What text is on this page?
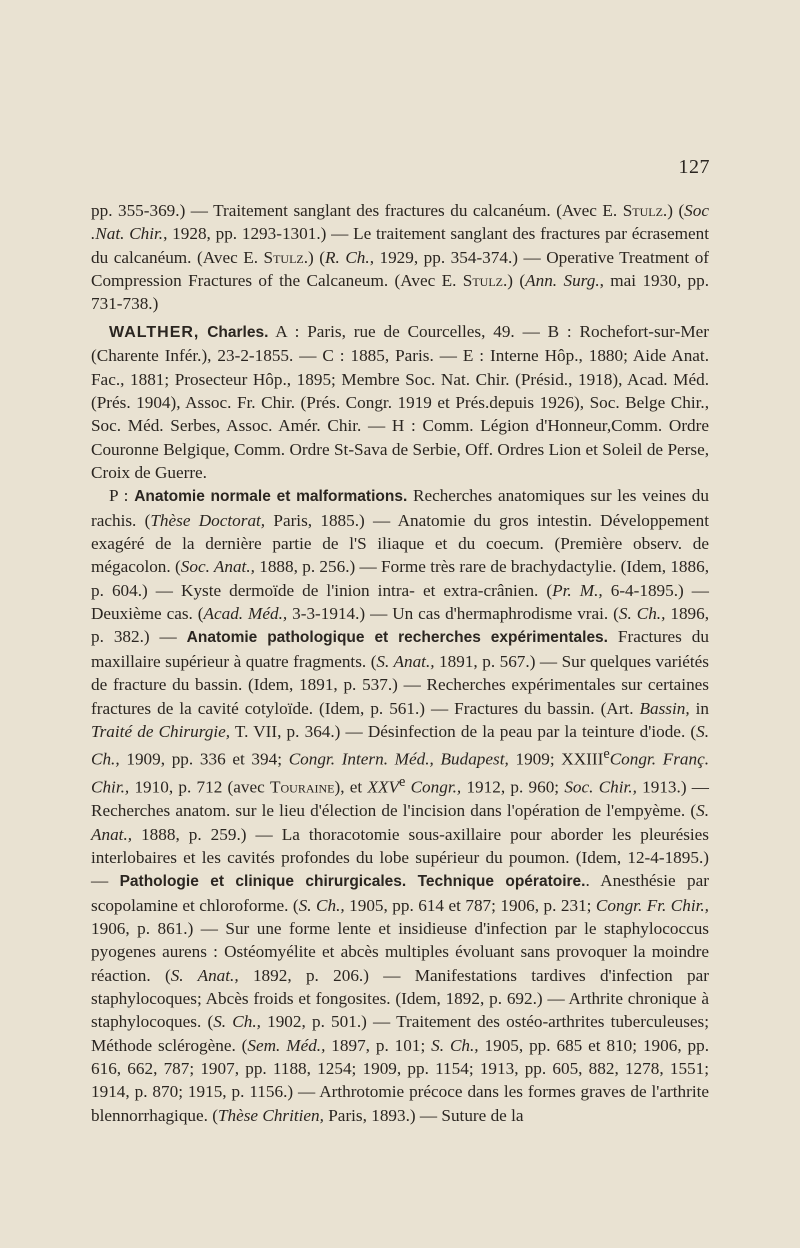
127

pp. 355-369.) — Traitement sanglant des fractures du calcanéum. (Avec E. Stulz.) (Soc .Nat. Chir., 1928, pp. 1293-1301.) — Le traitement sanglant des fractures par écrasement du calcanéum. (Avec E. Stulz.) (R. Ch., 1929, pp. 354-374.) — Operative Treatment of Compression Fractures of the Calcaneum. (Avec E. Stulz.) (Ann. Surg., mai 1930, pp. 731-738.)

WALTHER, Charles. A : Paris, rue de Courcelles, 49. — B : Rochefort-sur-Mer (Charente Infér.), 23-2-1855. — C : 1885, Paris. — E : Interne Hôp., 1880; Aide Anat. Fac., 1881; Prosecteur Hôp., 1895; Membre Soc. Nat. Chir. (Présid., 1918), Acad. Méd. (Prés. 1904), Assoc. Fr. Chir. (Prés. Congr. 1919 et Prés.depuis 1926), Soc. Belge Chir., Soc. Méd. Serbes, Assoc. Amér. Chir. — H : Comm. Légion d'Honneur,Comm. Ordre Couronne Belgique, Comm. Ordre St-Sava de Serbie, Off. Ordres Lion et Soleil de Perse, Croix de Guerre.

P : Anatomie normale et malformations. Recherches anatomiques sur les veines du rachis. (Thèse Doctorat, Paris, 1885.) — Anatomie du gros intestin. Développement exagéré de la dernière partie de l'S iliaque et du coecum. (Première observ. de mégacolon. (Soc. Anat., 1888, p. 256.) — Forme très rare de brachydactylie. (Idem, 1886, p. 604.) — Kyste dermoïde de l'inion intra- et extra-crânien. (Pr. M., 6-4-1895.) — Deuxième cas. (Acad. Méd., 3-3-1914.) — Un cas d'hermaphrodisme vrai. (S. Ch., 1896, p. 382.) — Anatomie pathologique et recherches expérimentales. Fractures du maxillaire supérieur à quatre fragments. (S. Anat., 1891, p. 567.) — Sur quelques variétés de fracture du bassin. (Idem, 1891, p. 537.) — Recherches expérimentales sur certaines fractures de la cavité cotyloïde. (Idem, p. 561.) — Fractures du bassin. (Art. Bassin, in Traité de Chirurgie, T. VII, p. 364.) — Désinfection de la peau par la teinture d'iode. (S. Ch., 1909, pp. 336 et 394; Congr. Intern. Méd., Budapest, 1909; XXIIIeCongr. Franç. Chir., 1910, p. 712 (avec Touraine), et XXVe Congr., 1912, p. 960; Soc. Chir., 1913.) — Recherches anatom. sur le lieu d'élection de l'incision dans l'opération de l'empyème. (S. Anat., 1888, p. 259.) — La thoracotomie sous-axillaire pour aborder les pleurésies interlobaires et les cavités profondes du lobe supérieur du poumon. (Idem, 12-4-1895.) — Pathologie et clinique chirurgicales. Technique opératoire.. Anesthésie par scopolamine et chloroforme. (S. Ch., 1905, pp. 614 et 787; 1906, p. 231; Congr. Fr. Chir., 1906, p. 861.) — Sur une forme lente et insidieuse d'infection par le staphylococcus pyogenes aurens : Ostéomyélite et abcès multiples évoluant sans provoquer la moindre réaction. (S. Anat., 1892, p. 206.) — Manifestations tardives d'infection par staphylocoques; Abcès froids et fongosites. (Idem, 1892, p. 692.) — Arthrite chronique à staphylocoques. (S. Ch., 1902, p. 501.) — Traitement des ostéo-arthrites tuberculeuses; Méthode sclérogène. (Sem. Méd., 1897, p. 101; S. Ch., 1905, pp. 685 et 810; 1906, pp. 616, 662, 787; 1907, pp. 1188, 1254; 1909, pp. 1154; 1913, pp. 605, 882, 1278, 1551; 1914, p. 870; 1915, p. 1156.) — Arthrotomie précoce dans les formes graves de l'arthrite blennorrhagique. (Thèse Chritien, Paris, 1893.) — Suture de la
